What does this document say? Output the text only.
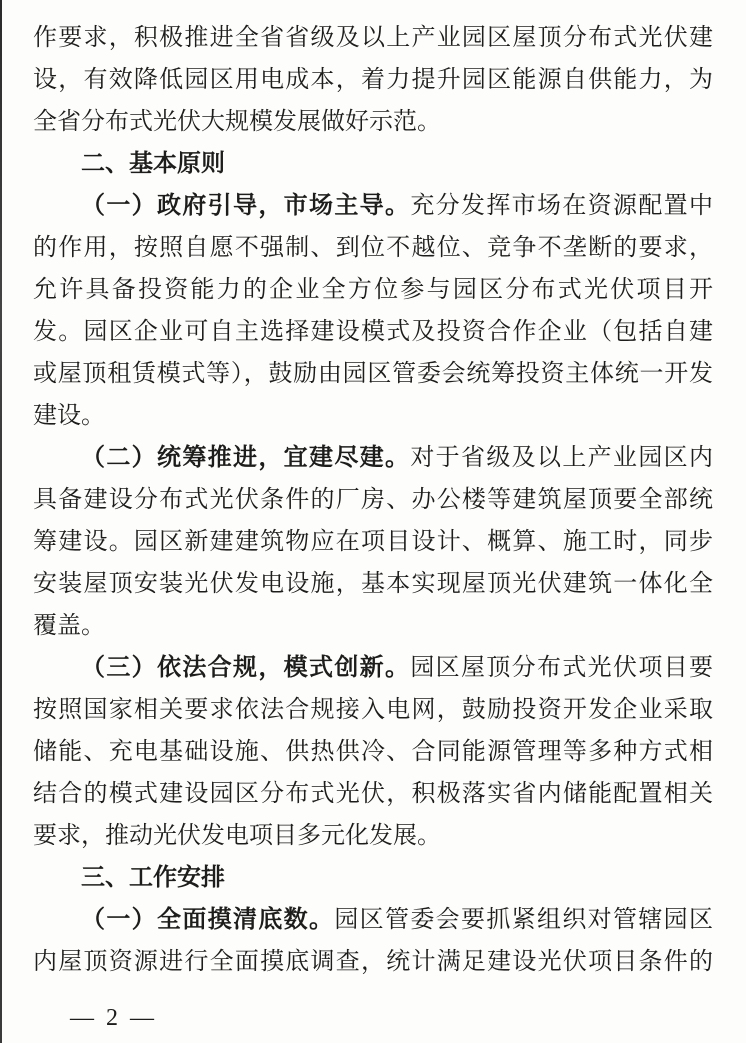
作要求，积极推进全省省级及以上产业园区屋顶分布式光伏建
设，有效降低园区用电成本，着力提升园区能源自供能力，为
全省分布式光伏大规模发展做好示范。
二、基本原则
（一）政府引导，市场主导。充分发挥市场在资源配置中
的作用，按照自愿不强制、到位不越位、竞争不垄断的要求，
允许具备投资能力的企业全方位参与园区分布式光伏项目开
发。园区企业可自主选择建设模式及投资合作企业（包括自建
或屋顶租赁模式等），鼓励由园区管委会统筹投资主体统一开发
建设。
（二）统筹推进，宜建尽建。对于省级及以上产业园区内
具备建设分布式光伏条件的厂房、办公楼等建筑屋顶要全部统
筹建设。园区新建建筑物应在项目设计、概算、施工时，同步
安装屋顶安装光伏发电设施，基本实现屋顶光伏建筑一体化全
覆盖。
（三）依法合规，模式创新。园区屋顶分布式光伏项目要
按照国家相关要求依法合规接入电网，鼓励投资开发企业采取
储能、充电基础设施、供热供冷、合同能源管理等多种方式相
结合的模式建设园区分布式光伏，积极落实省内储能配置相关
要求，推动光伏发电项目多元化发展。
三、工作安排
（一）全面摸清底数。园区管委会要抓紧组织对管辖园区
内屋顶资源进行全面摸底调查，统计满足建设光伏项目条件的
— 2 —
